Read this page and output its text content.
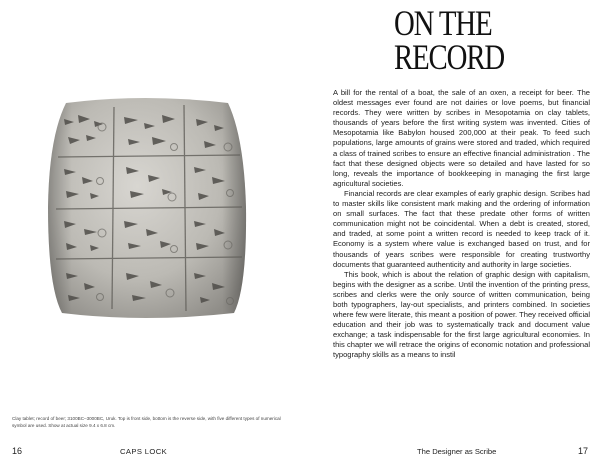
Clay tablet; record of beer; 3100BC–3000BC, Uruk. Top is front side, bottom is the reverse side, with five different types of numerical symbol are used. Show at actual size 9.4 x 6.8 cm.
16	CAPS LOCK
ON THE
RECORD

A bill for the rental of a boat, the sale of an oxen, a receipt for beer. The oldest messages ever found are not dairies or love poems, but financial records. They were written by scribes in Mesopotamia on clay tablets, thousands of years before the first writing system was invented. Cities of Mesopotamia like Babylon housed 200,000 at their peak. To feed such populations, large amounts of grains were stored and traded, which required a class of trained scribes to ensure an effective financial administration . The fact that these designed objects were so detailed and have lasted for so long, reveals the importance of bookkeeping in managing the first large agricultural societies.

Financial records are clear examples of early graphic design. Scribes had to master skills like consistent mark making and the ordering of information on small surfaces. The fact that these predate other forms of written communication might not be coincidental. When a debt is created, stored, and traded, at some point a written record is needed to keep track of it. Economy is a system where value is exchanged based on trust, and for thousands of years scribes were responsible for creating trustworthy documents that guaranteed authenticity and authority in large societies.

This book, which is about the relation of graphic design with capitalism, begins with the designer as a scribe. Until the invention of the printing press, scribes and clerks were the only source of written communication, being both typographers, lay-out specialists, and printers combined. In societies where few were literate, this meant a position of power. They received official education and their job was to systematically track and document value exchange; a task indispensable for the first large agricultural economies. In this chapter we will retrace the origins of economic notation and professional typography skills as a means to instil

The Designer as Scribe	17
